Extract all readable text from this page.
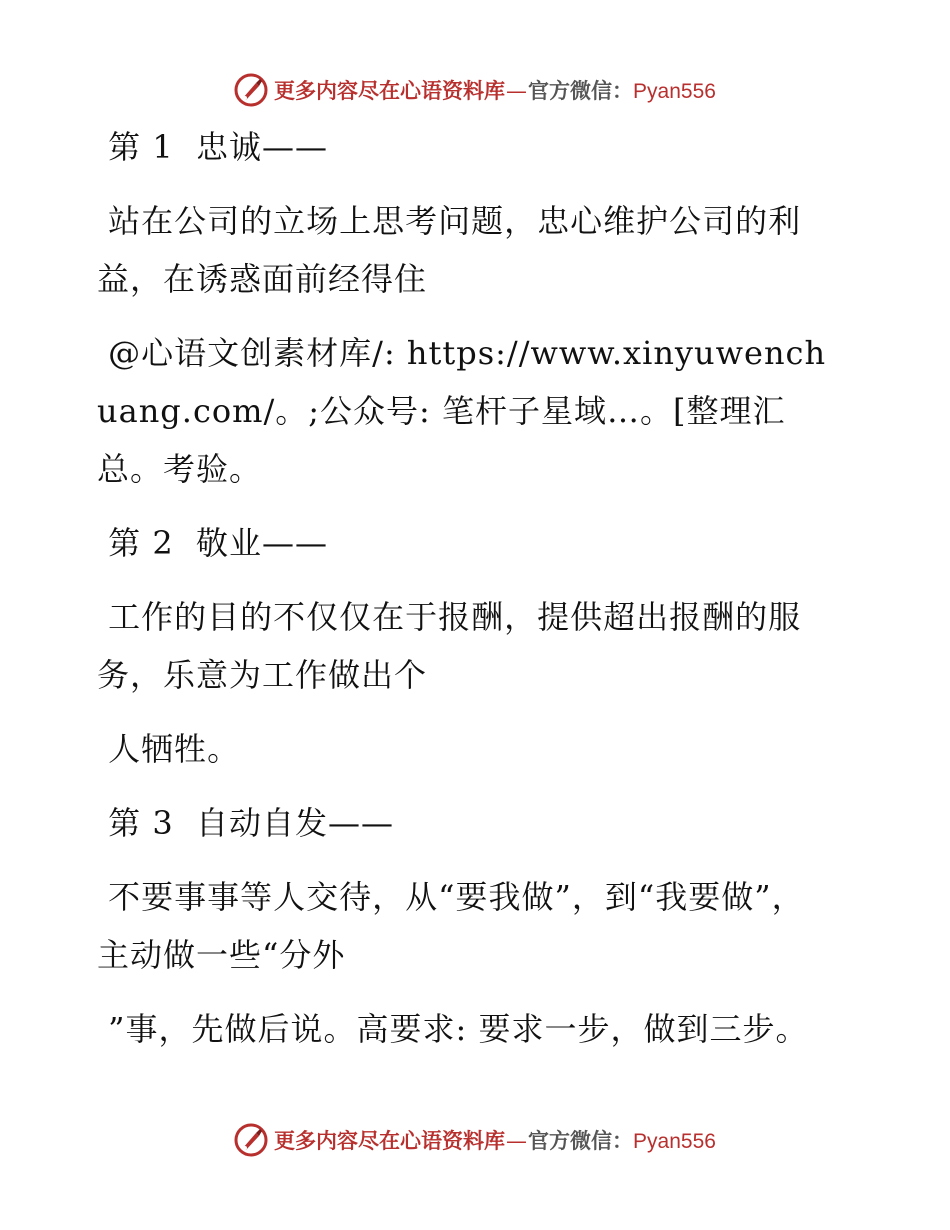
更多内容尽在心语资料库 — 官方微信： Pyan556

第 1  忠诚——

站在公司的立场上思考问题，忠心维护公司的利益，在诱惑面前经得住

@心语文创素材库/: https://www.xinyuwenchuang.com/。;公众号: 笔杆子星域…。[整理汇总。考验。

第 2  敬业——

工作的目的不仅仅在于报酬，提供超出报酬的服务，乐意为工作做出个

人牺牲。

第 3  自动自发——

不要事事等人交待，从“要我做”，到“我要做”，主动做一些“分外

”事，先做后说。高要求: 要求一步，做到三步。

更多内容尽在心语资料库 — 官方微信： Pyan556
